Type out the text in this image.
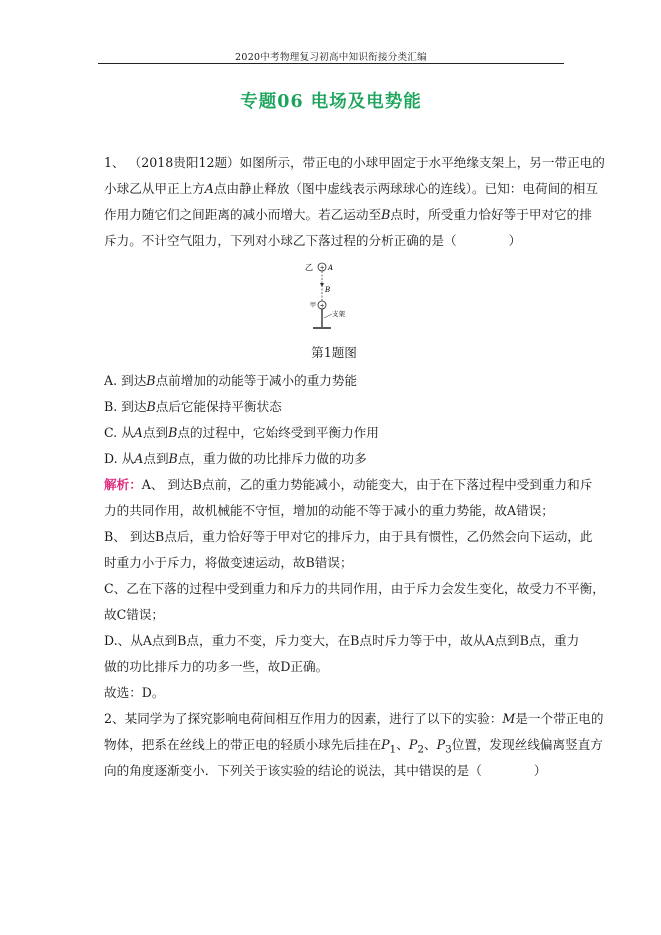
2020中考物理复习初高中知识衔接分类汇编
专题06 电场及电势能
1、 （2018贵阳12题）如图所示，带正电的小球甲固定于水平绝缘支架上，另一带正电的
小球乙从甲正上方A点由静止释放（图中虚线表示两球球心的连线）。已知：电荷间的相互
作用力随它们之间距离的减小而增大。若乙运动至B点时，所受重力恰好等于甲对它的排
斥力。不计空气阻力，下列对小球乙下落过程的分析正确的是（	）
乙 + A
B
甲 +
支架
第1题图
A. 到达B点前增加的动能等于减小的重力势能
B. 到达B点后它能保持平衡状态
C. 从A点到B点的过程中，它始终受到平衡力作用
D. 从A点到B点，重力做的功比排斥力做的功多
解析：A、 到达B点前，乙的重力势能减小，动能变大，由于在下落过程中受到重力和斥
力的共同作用，故机械能不守恒，增加的动能不等于减小的重力势能，故A错误；
B、 到达B点后，重力恰好等于甲对它的排斥力，由于具有惯性，乙仍然会向下运动，此
时重力小于斥力，将做变速运动，故B错误；
C、乙在下落的过程中受到重力和斥力的共同作用，由于斥力会发生变化，故受力不平衡，
故C错误；
D.、从A点到B点，重力不变，斥力变大，在B点时斥力等于中，故从A点到B点，重力
做的功比排斥力的功多一些，故D正确。
故选：D。
2、某同学为了探究影响电荷间相互作用力的因素，进行了以下的实验：M是一个带正电的
物体，把系在丝线上的带正电的轻质小球先后挂在$P_1$、$P_2$、$P_3$位置，发现丝线偏离竖直方
向的角度逐渐变小．下列关于该实验的结论的说法，其中错误的是（	）
